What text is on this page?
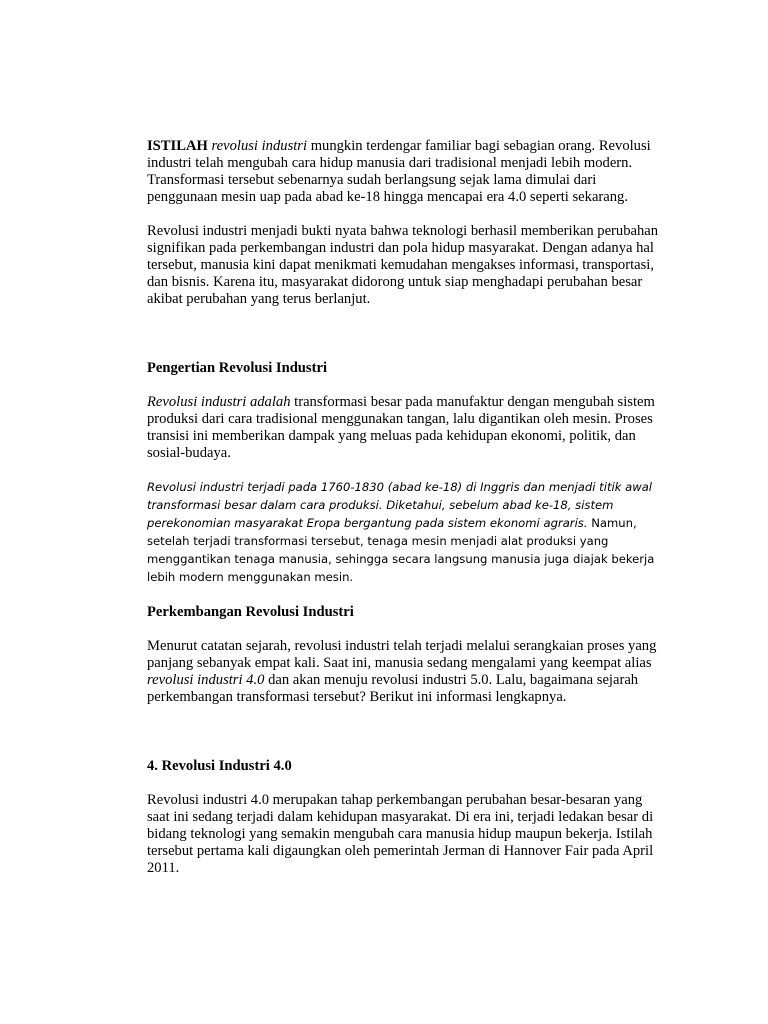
ISTILAH revolusi industri mungkin terdengar familiar bagi sebagian orang. Revolusi industri telah mengubah cara hidup manusia dari tradisional menjadi lebih modern. Transformasi tersebut sebenarnya sudah berlangsung sejak lama dimulai dari penggunaan mesin uap pada abad ke-18 hingga mencapai era 4.0 seperti sekarang.

Revolusi industri menjadi bukti nyata bahwa teknologi berhasil memberikan perubahan signifikan pada perkembangan industri dan pola hidup masyarakat. Dengan adanya hal tersebut, manusia kini dapat menikmati kemudahan mengakses informasi, transportasi, dan bisnis. Karena itu, masyarakat didorong untuk siap menghadapi perubahan besar akibat perubahan yang terus berlanjut.

Pengertian Revolusi Industri

Revolusi industri adalah transformasi besar pada manufaktur dengan mengubah sistem produksi dari cara tradisional menggunakan tangan, lalu digantikan oleh mesin. Proses transisi ini memberikan dampak yang meluas pada kehidupan ekonomi, politik, dan sosial-budaya.

Revolusi industri terjadi pada 1760-1830 (abad ke-18) di Inggris dan menjadi titik awal transformasi besar dalam cara produksi. Diketahui, sebelum abad ke-18, sistem perekonomian masyarakat Eropa bergantung pada sistem ekonomi agraris. Namun, setelah terjadi transformasi tersebut, tenaga mesin menjadi alat produksi yang menggantikan tenaga manusia, sehingga secara langsung manusia juga diajak bekerja lebih modern menggunakan mesin.

Perkembangan Revolusi Industri

Menurut catatan sejarah, revolusi industri telah terjadi melalui serangkaian proses yang panjang sebanyak empat kali. Saat ini, manusia sedang mengalami yang keempat alias revolusi industri 4.0 dan akan menuju revolusi industri 5.0. Lalu, bagaimana sejarah perkembangan transformasi tersebut? Berikut ini informasi lengkapnya.

4. Revolusi Industri 4.0

Revolusi industri 4.0 merupakan tahap perkembangan perubahan besar-besaran yang saat ini sedang terjadi dalam kehidupan masyarakat. Di era ini, terjadi ledakan besar di bidang teknologi yang semakin mengubah cara manusia hidup maupun bekerja. Istilah tersebut pertama kali digaungkan oleh pemerintah Jerman di Hannover Fair pada April 2011.
